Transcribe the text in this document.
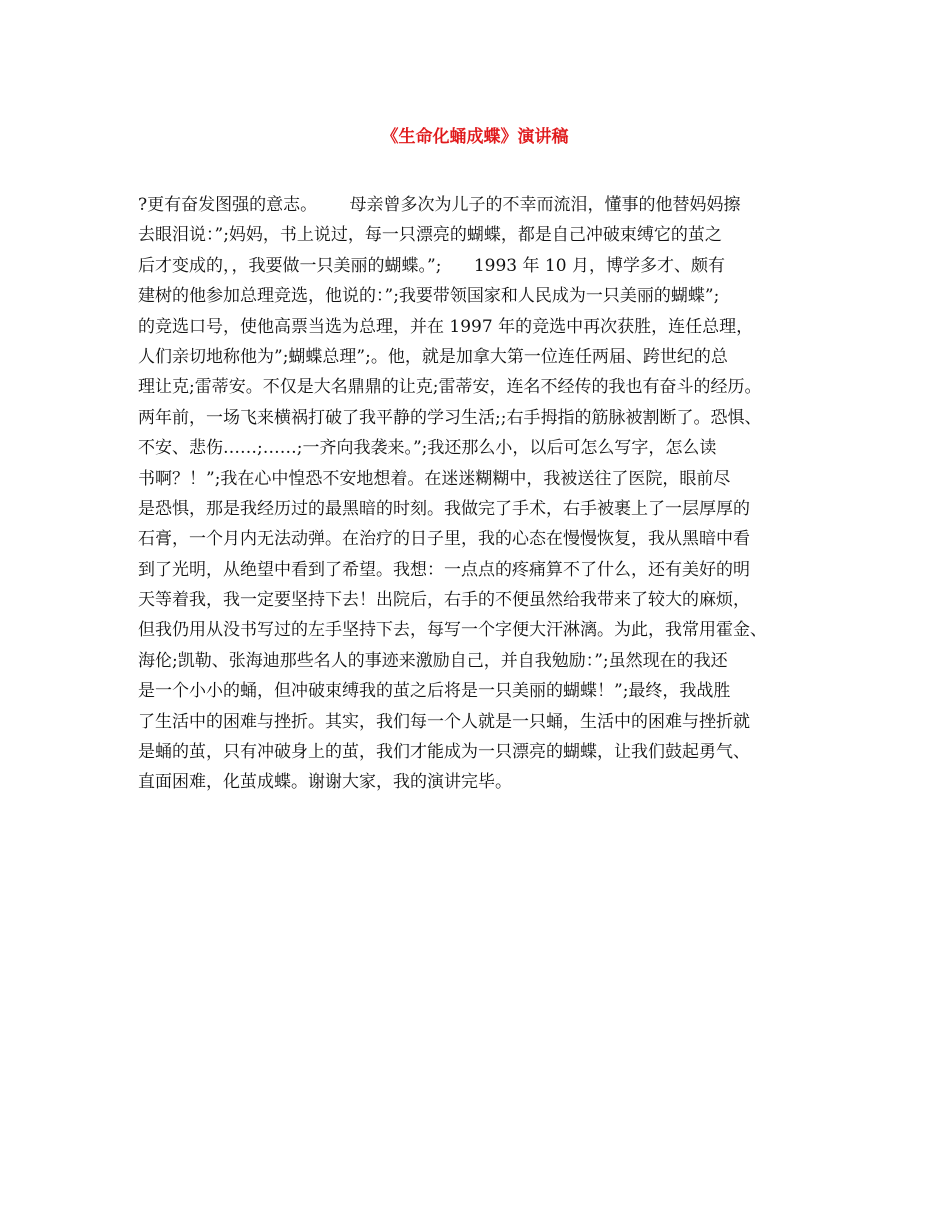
《生命化蛹成蝶》演讲稿
?更有奋发图强的意志。      母亲曾多次为儿子的不幸而流泪，懂事的他替妈妈擦
去眼泪说：”;妈妈，书上说过，每一只漂亮的蝴蝶，都是自己冲破束缚它的茧之
后才变成的，，我要做一只美丽的蝴蝶。”;      1993 年 10 月，博学多才、颇有
建树的他参加总理竞选，他说的：”;我要带领国家和人民成为一只美丽的蝴蝶”;
的竞选口号，使他高票当选为总理，并在 1997 年的竞选中再次获胜，连任总理，
人们亲切地称他为”;蝴蝶总理”;。他，就是加拿大第一位连任两届、跨世纪的总
理让克;雷蒂安。不仅是大名鼎鼎的让克;雷蒂安，连名不经传的我也有奋斗的经历。
两年前，一场飞来横祸打破了我平静的学习生活;;右手拇指的筋脉被割断了。恐惧、
不安、悲伤……;……;一齐向我袭来。”;我还那么小，以后可怎么写字，怎么读
书啊？！”;我在心中惶恐不安地想着。在迷迷糊糊中，我被送往了医院，眼前尽
是恐惧，那是我经历过的最黑暗的时刻。我做完了手术，右手被裹上了一层厚厚的
石膏，一个月内无法动弹。在治疗的日子里，我的心态在慢慢恢复，我从黑暗中看
到了光明，从绝望中看到了希望。我想：一点点的疼痛算不了什么，还有美好的明
天等着我，我一定要坚持下去！出院后，右手的不便虽然给我带来了较大的麻烦，
但我仍用从没书写过的左手坚持下去，每写一个字便大汗淋漓。为此，我常用霍金、
海伦;凯勒、张海迪那些名人的事迹来激励自己，并自我勉励：”;虽然现在的我还
是一个小小的蛹，但冲破束缚我的茧之后将是一只美丽的蝴蝶！”;最终，我战胜
了生活中的困难与挫折。其实，我们每一个人就是一只蛹，生活中的困难与挫折就
是蛹的茧，只有冲破身上的茧，我们才能成为一只漂亮的蝴蝶，让我们鼓起勇气、
直面困难，化茧成蝶。谢谢大家，我的演讲完毕。
